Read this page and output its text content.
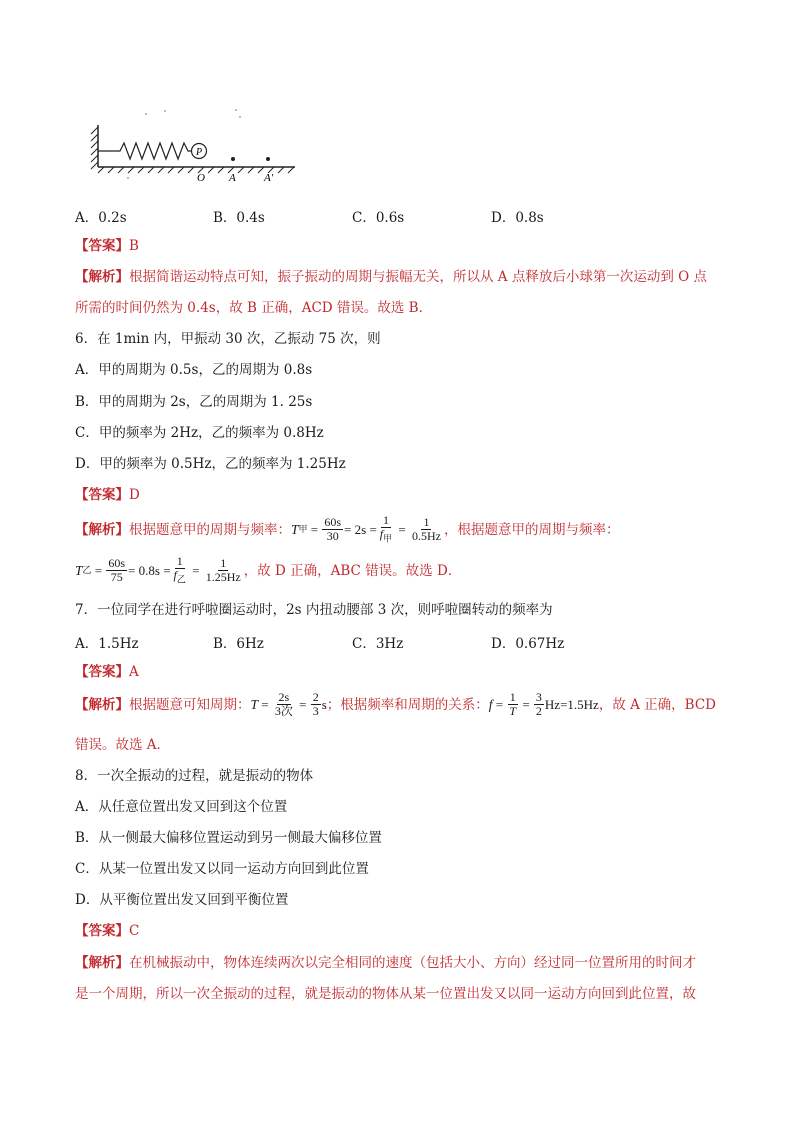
P
O A	A′
A．0.2s	B．0.4s	C．0.6s	D．0.8s
【答案】B
【解析】根据简谐运动特点可知，振子振动的周期与振幅无关，所以从 A 点释放后小球第一次运动到 O 点
所需的时间仍然为 0.4s，故 B 正确，ACD 错误。故选 B．
6．在 1min 内，甲振动 30 次，乙振动 75 次，则
A．甲的周期为 0.5s，乙的周期为 0.8s
B．甲的周期为 2s，乙的周期为 1. 25s
C．甲的频率为 2Hz，乙的频率为 0.8Hz
D．甲的频率为 0.5Hz，乙的频率为 1.25Hz
【答案】D
【解析】 根据题意甲的周期与频率： T 甲 = $\frac{60s}{30} = 2s = \frac{1}{f_甲} = \frac{1}{0.5Hz}$ ，根据题意甲的周期与频率：
T 乙 = $\frac{60s}{75} = 0.8s = \frac{1}{f_乙} = \frac{1}{1.25Hz}$ ，故 D 正确，ABC 错误。故选 D．
7．一位同学在进行呼啦圈运动时，2s 内扭动腰部 3 次，则呼啦圈转动的频率为
A．1.5Hz	B．6Hz	C．3Hz	D．0.67Hz
【答案】A
【解析】 根据题意可知周期： $T = \frac{2s}{\text{3次}} = \frac{2}{3}$ s ；根据频率和周期的关系： $f = \frac{1}{T} = \frac{3}{2} Hz=1.5Hz$ ，故 A 正确，BCD
错误。故选 A．
8．一次全振动的过程，就是振动的物体
A．从任意位置出发又回到这个位置
B．从一侧最大偏移位置运动到另一侧最大偏移位置
C．从某一位置出发又以同一运动方向回到此位置
D．从平衡位置出发又回到平衡位置
【答案】C
【解析】在机械振动中，物体连续两次以完全相同的速度（包括大小、方向）经过同一位置所用的时间才
是一个周期，所以一次全振动的过程，就是振动的物体从某一位置出发又以同一运动方向回到此位置，故
